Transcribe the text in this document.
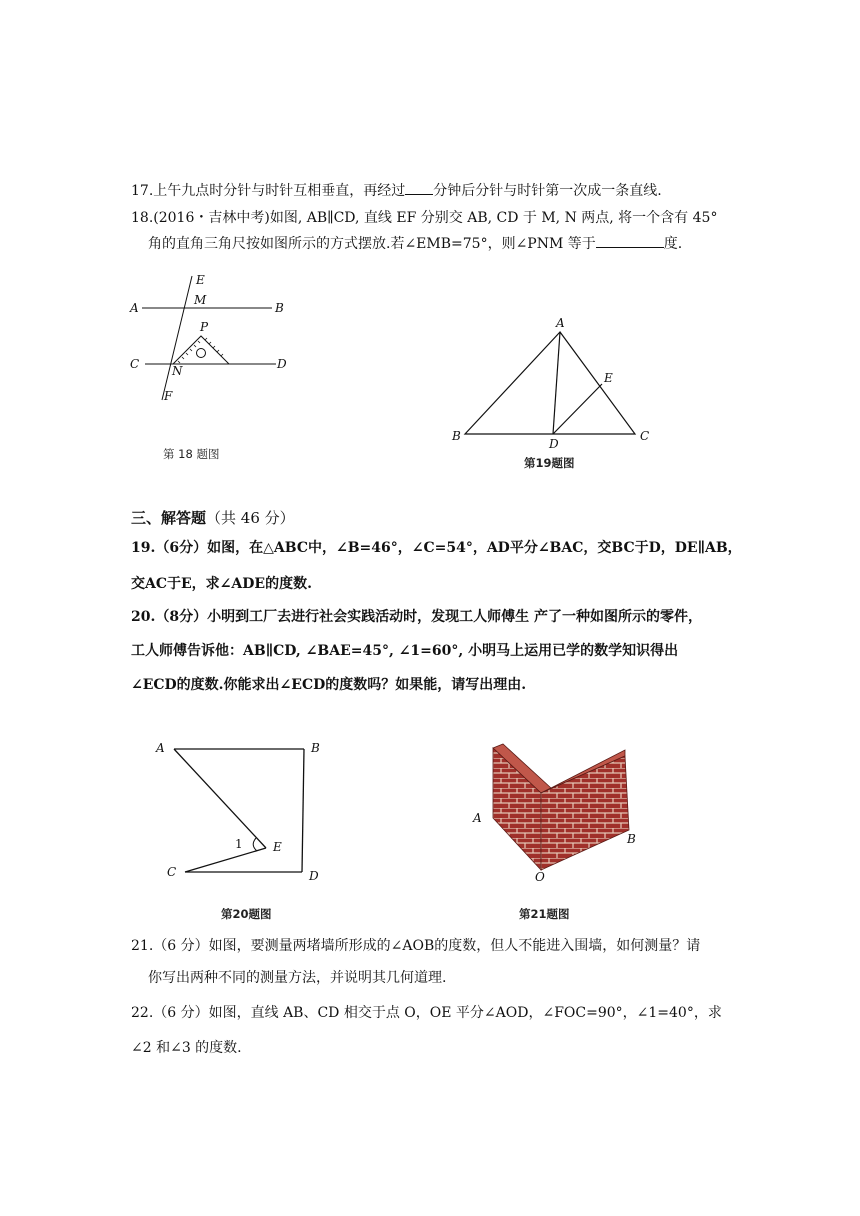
17.上午九点时分针与时针互相垂直，再经过 分钟后分针与时针第一次成一条直线.
18.(2016・吉林中考)如图, AB∥CD, 直线 EF 分别交 AB, CD 于 M, N 两点, 将一个含有 45°
角的直角三角尺按如图所示的方式摆放.若∠EMB=75°，则∠PNM 等于	度.
A	B
C	D
E
F
M
N
P
第 18 题图
A
B	C
D
E
第19题图
三、解答题（共 46 分）
19.（6分）如图，在△ABC中，∠B=46°，∠C=54°，AD平分∠BAC，交BC于D，DE∥AB，
交AC于E，求∠ADE的度数.
20.（8分）小明到工厂去进行社会实践活动时，发现工人师傅生 产了一种如图所示的零件，
工人师傅告诉他：AB∥CD, ∠BAE=45°, ∠1=60°, 小明马上运用已学的数学知识得出
∠ECD的度数.你能求出∠ECD的度数吗？如果能，请写出理由.
A	B
C	D
E
1
第20题图
A
B
O
第21题图
21.（6 分）如图，要测量两堵墙所形成的∠AOB的度数，但人不能进入围墙，如何测量？请
你写出两种不同的测量方法，并说明其几何道理.
22.（6 分）如图，直线 AB、CD 相交于点 O，OE 平分∠AOD，∠FOC=90°，∠1=40°，求
∠2 和∠3 的度数.
